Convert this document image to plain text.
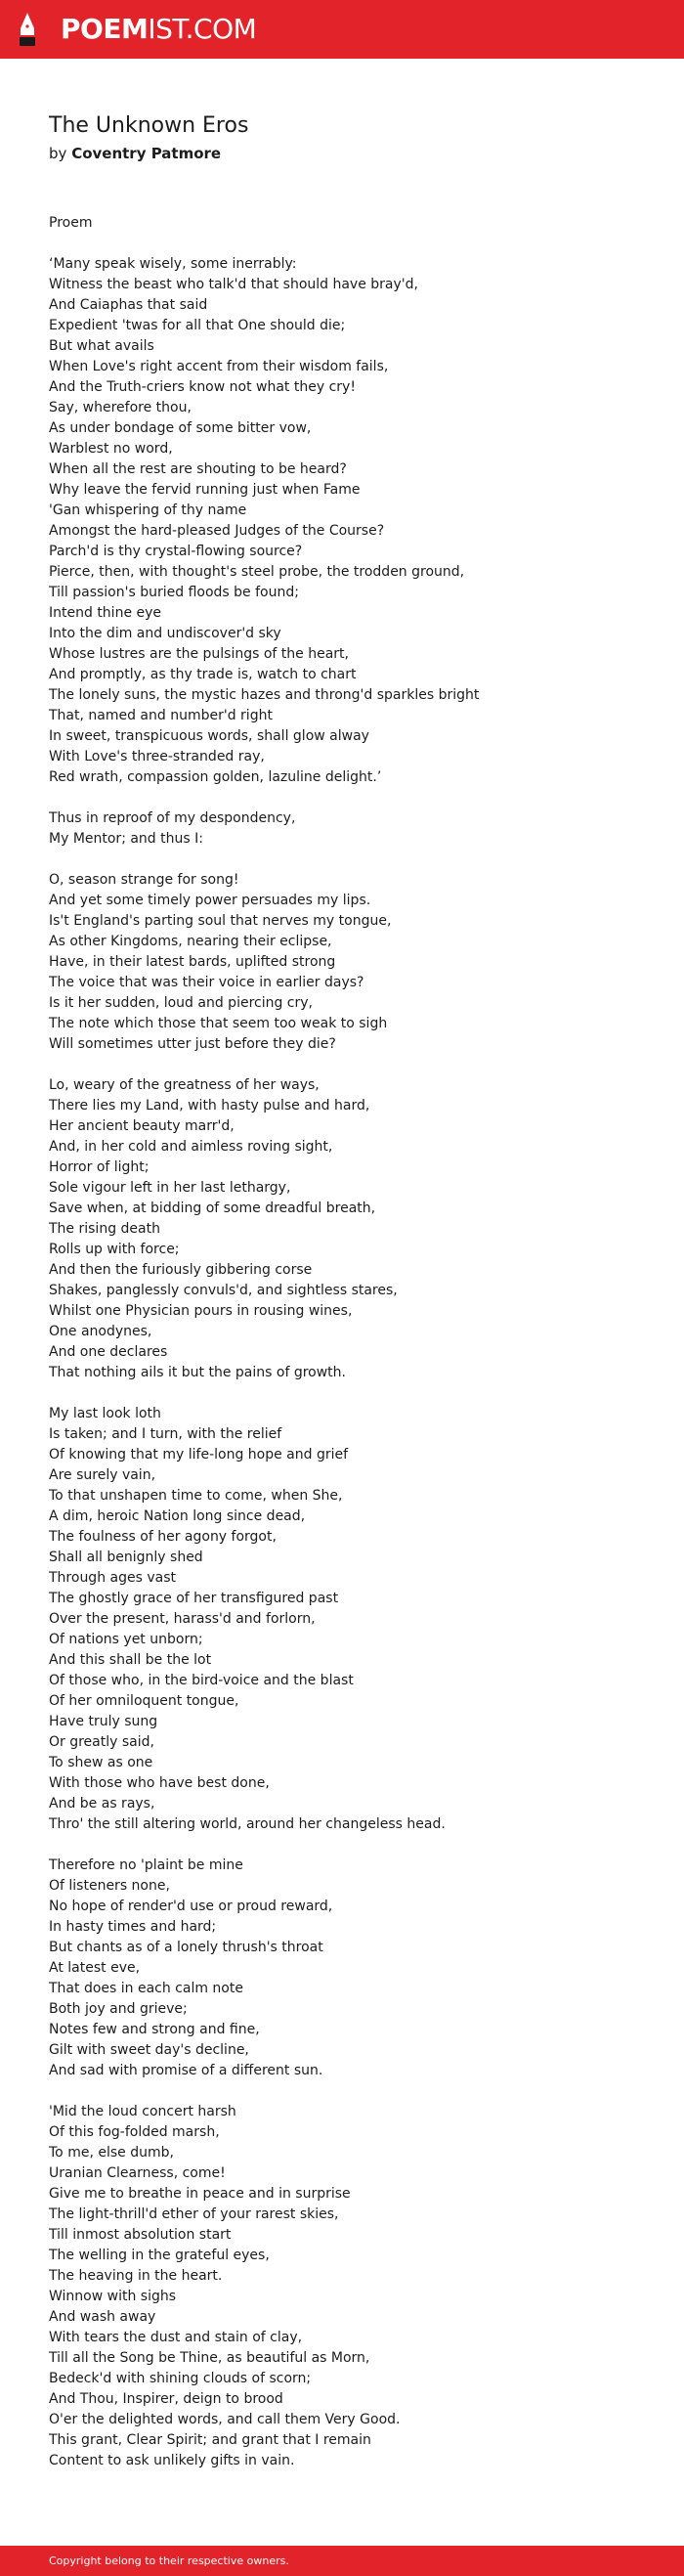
POEMIST.COM
The Unknown Eros
by Coventry Patmore
Proem
‘Many speak wisely, some inerrably:
Witness the beast who talk'd that should have bray'd,
And Caiaphas that said
Expedient 'twas for all that One should die;
But what avails
When Love's right accent from their wisdom fails,
And the Truth-criers know not what they cry!
Say, wherefore thou,
As under bondage of some bitter vow,
Warblest no word,
When all the rest are shouting to be heard?
Why leave the fervid running just when Fame
'Gan whispering of thy name
Amongst the hard-pleased Judges of the Course?
Parch'd is thy crystal-flowing source?
Pierce, then, with thought's steel probe, the trodden ground,
Till passion's buried floods be found;
Intend thine eye
Into the dim and undiscover'd sky
Whose lustres are the pulsings of the heart,
And promptly, as thy trade is, watch to chart
The lonely suns, the mystic hazes and throng'd sparkles bright
That, named and number'd right
In sweet, transpicuous words, shall glow alway
With Love's three-stranded ray,
Red wrath, compassion golden, lazuline delight.’
Thus in reproof of my despondency,
My Mentor; and thus I:
O, season strange for song!
And yet some timely power persuades my lips.
Is't England's parting soul that nerves my tongue,
As other Kingdoms, nearing their eclipse,
Have, in their latest bards, uplifted strong
The voice that was their voice in earlier days?
Is it her sudden, loud and piercing cry,
The note which those that seem too weak to sigh
Will sometimes utter just before they die?
Lo, weary of the greatness of her ways,
There lies my Land, with hasty pulse and hard,
Her ancient beauty marr'd,
And, in her cold and aimless roving sight,
Horror of light;
Sole vigour left in her last lethargy,
Save when, at bidding of some dreadful breath,
The rising death
Rolls up with force;
And then the furiously gibbering corse
Shakes, panglessly convuls'd, and sightless stares,
Whilst one Physician pours in rousing wines,
One anodynes,
And one declares
That nothing ails it but the pains of growth.
My last look loth
Is taken; and I turn, with the relief
Of knowing that my life-long hope and grief
Are surely vain,
To that unshapen time to come, when She,
A dim, heroic Nation long since dead,
The foulness of her agony forgot,
Shall all benignly shed
Through ages vast
The ghostly grace of her transfigured past
Over the present, harass'd and forlorn,
Of nations yet unborn;
And this shall be the lot
Of those who, in the bird-voice and the blast
Of her omniloquent tongue,
Have truly sung
Or greatly said,
To shew as one
With those who have best done,
And be as rays,
Thro' the still altering world, around her changeless head.
Therefore no 'plaint be mine
Of listeners none,
No hope of render'd use or proud reward,
In hasty times and hard;
But chants as of a lonely thrush's throat
At latest eve,
That does in each calm note
Both joy and grieve;
Notes few and strong and fine,
Gilt with sweet day's decline,
And sad with promise of a different sun.
'Mid the loud concert harsh
Of this fog-folded marsh,
To me, else dumb,
Uranian Clearness, come!
Give me to breathe in peace and in surprise
The light-thrill'd ether of your rarest skies,
Till inmost absolution start
The welling in the grateful eyes,
The heaving in the heart.
Winnow with sighs
And wash away
With tears the dust and stain of clay,
Till all the Song be Thine, as beautiful as Morn,
Bedeck'd with shining clouds of scorn;
And Thou, Inspirer, deign to brood
O'er the delighted words, and call them Very Good.
This grant, Clear Spirit; and grant that I remain
Content to ask unlikely gifts in vain.
Copyright belong to their respective owners.
